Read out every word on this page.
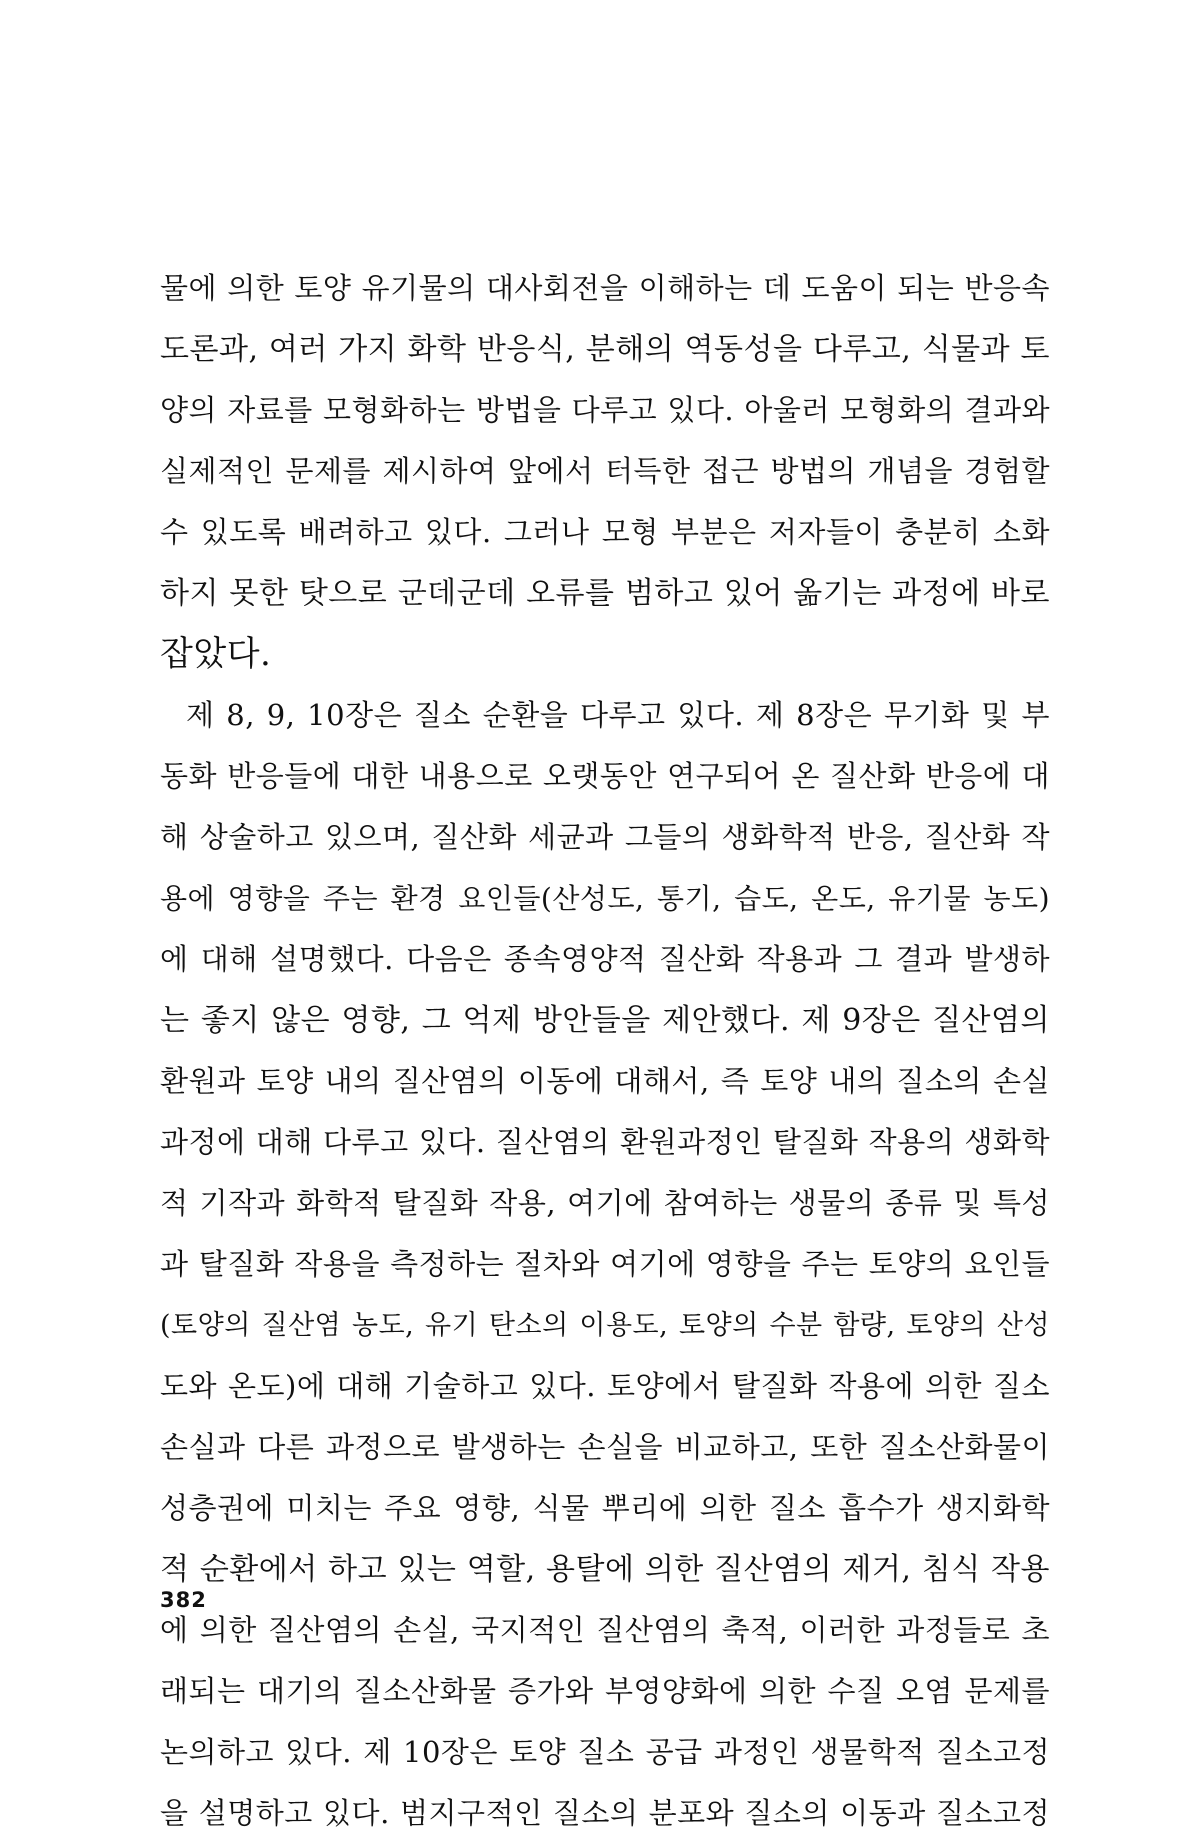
물에 의한 토양 유기물의 대사회전을 이해하는 데 도움이 되는 반응속
도론과, 여러 가지 화학 반응식, 분해의 역동성을 다루고, 식물과 토
양의 자료를 모형화하는 방법을 다루고 있다. 아울러 모형화의 결과와
실제적인 문제를 제시하여 앞에서 터득한 접근 방법의 개념을 경험할
수 있도록 배려하고 있다. 그러나 모형 부분은 저자들이 충분히 소화
하지 못한 탓으로 군데군데 오류를 범하고 있어 옮기는 과정에 바로
잡았다.
제 8, 9, 10장은 질소 순환을 다루고 있다. 제 8장은 무기화 및 부
동화 반응들에 대한 내용으로 오랫동안 연구되어 온 질산화 반응에 대
해 상술하고 있으며, 질산화 세균과 그들의 생화학적 반응, 질산화 작
용에 영향을 주는 환경 요인들(산성도, 통기, 습도, 온도, 유기물 농도)
에 대해 설명했다. 다음은 종속영양적 질산화 작용과 그 결과 발생하
는 좋지 않은 영향, 그 억제 방안들을 제안했다. 제 9장은 질산염의
환원과 토양 내의 질산염의 이동에 대해서, 즉 토양 내의 질소의 손실
과정에 대해 다루고 있다. 질산염의 환원과정인 탈질화 작용의 생화학
적 기작과 화학적 탈질화 작용, 여기에 참여하는 생물의 종류 및 특성
과 탈질화 작용을 측정하는 절차와 여기에 영향을 주는 토양의 요인들
(토양의 질산염 농도, 유기 탄소의 이용도, 토양의 수분 함량, 토양의 산성
도와 온도)에 대해 기술하고 있다. 토양에서 탈질화 작용에 의한 질소
손실과 다른 과정으로 발생하는 손실을 비교하고, 또한 질소산화물이
성층권에 미치는 주요 영향, 식물 뿌리에 의한 질소 흡수가 생지화학
적 순환에서 하고 있는 역할, 용탈에 의한 질산염의 제거, 침식 작용
에 의한 질산염의 손실, 국지적인 질산염의 축적, 이러한 과정들로 초
래되는 대기의 질소산화물 증가와 부영양화에 의한 수질 오염 문제를
논의하고 있다. 제 10장은 토양 질소 공급 과정인 생물학적 질소고정
을 설명하고 있다. 범지구적인 질소의 분포와 질소의 이동과 질소고정
382
